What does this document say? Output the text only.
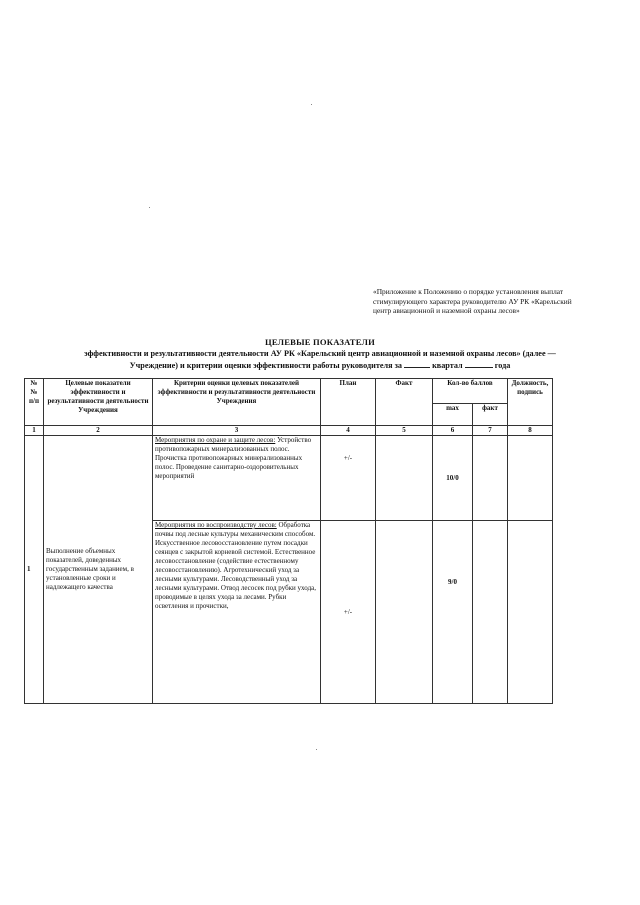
«Приложение к Положению о порядке установления выплат стимулирующего характера руководителю АУ РК «Карельский центр авиационной и наземной охраны лесов»
ЦЕЛЕВЫЕ ПОКАЗАТЕЛИ
эффективности и результативности деятельности АУ РК «Карельский центр авиационной и наземной охраны лесов» (далее —
Учреждение) и критерии оценки эффективности работы руководителя за	квартал	года
№ № п/п	Целевые показатели эффективности и результативности деятельности Учреждения	Критерии оценки целевых показателей эффективности и результативности деятельности Учреждения	План	Факт	Кол-во баллов		Должность, подпись
					max	факт	
1	2	3	4	5	6	7	8
1	Выполнение объемных показателей, доведенных государственным заданием, в установленные сроки и надлежащего качества	Мероприятия по охране и защите лесов: Устройство противопожарных минерализованных полос. Прочистка противопожарных минерализованных полос. Проведение санитарно-оздоровительных мероприятий	+/-		10/0		
		Мероприятия по воспроизводству лесов: Обработка почвы под лесные культуры механическим способом. Искусственное лесовосстановление путем посадки сеянцев с закрытой корневой системой. Естественное лесовосстановление (содействие естественному лесовосстановлению). Агротехнический уход за лесными культурами. Лесоводственный уход за лесными культурами. Отвод лесосек под рубки ухода, проводимые в целях ухода за лесами. Рубки осветления и прочистки,	+/-		9/0		
